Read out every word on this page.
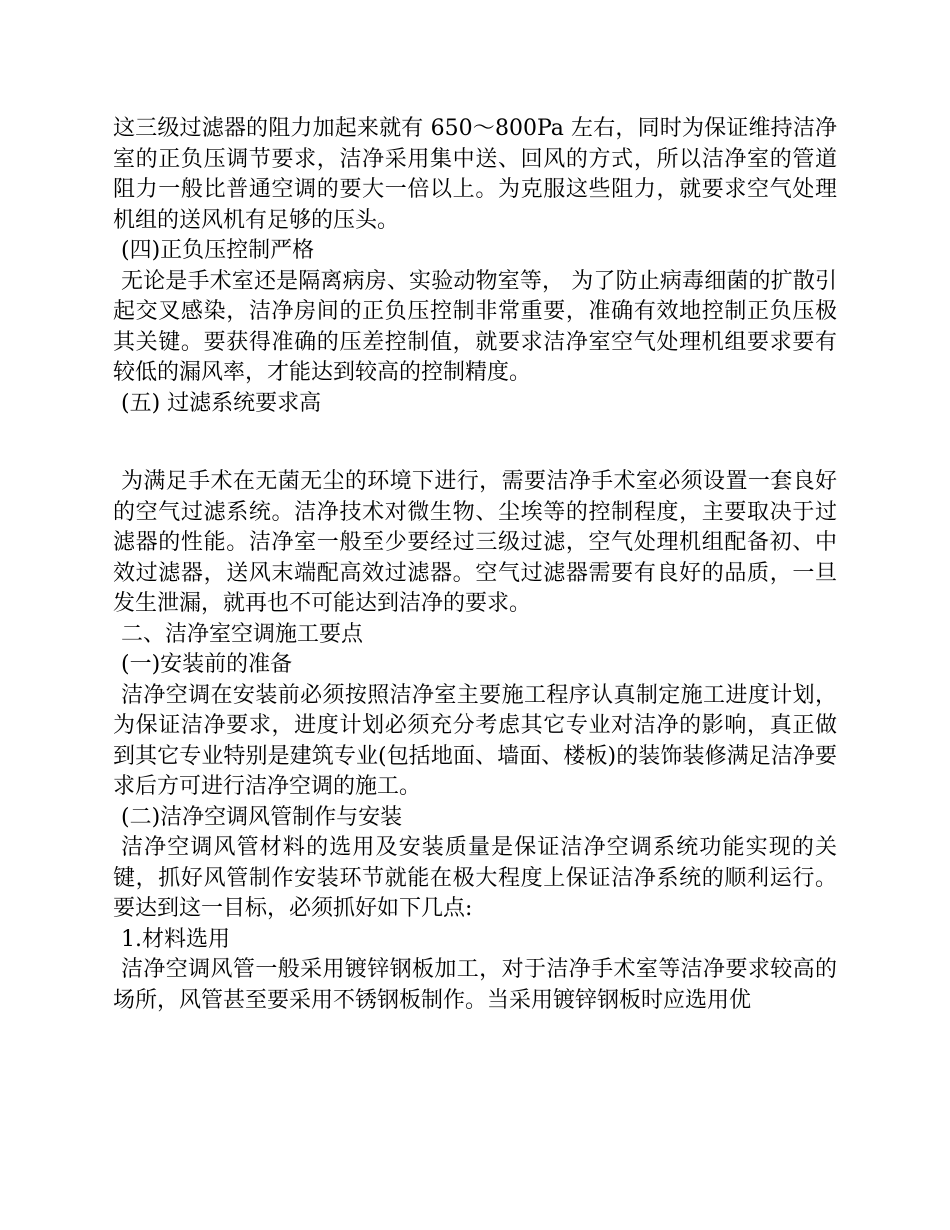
这三级过滤器的阻力加起来就有 650～800Pa 左右，同时为保证维持洁净室的正负压调节要求，洁净采用集中送、回风的方式，所以洁净室的管道阻力一般比普通空调的要大一倍以上。为克服这些阻力，就要求空气处理机组的送风机有足够的压头。

(四)正负压控制严格

无论是手术室还是隔离病房、实验动物室等， 为了防止病毒细菌的扩散引起交叉感染，洁净房间的正负压控制非常重要，准确有效地控制正负压极其关键。要获得准确的压差控制值，就要求洁净室空气处理机组要求要有较低的漏风率，才能达到较高的控制精度。

(五) 过滤系统要求高

为满足手术在无菌无尘的环境下进行，需要洁净手术室必须设置一套良好的空气过滤系统。洁净技术对微生物、尘埃等的控制程度，主要取决于过滤器的性能。洁净室一般至少要经过三级过滤，空气处理机组配备初、中效过滤器，送风末端配高效过滤器。空气过滤器需要有良好的品质，一旦发生泄漏，就再也不可能达到洁净的要求。

二、洁净室空调施工要点

(一)安装前的准备

洁净空调在安装前必须按照洁净室主要施工程序认真制定施工进度计划，为保证洁净要求，进度计划必须充分考虑其它专业对洁净的影响，真正做到其它专业特别是建筑专业(包括地面、墙面、楼板)的装饰装修满足洁净要求后方可进行洁净空调的施工。

(二)洁净空调风管制作与安装

洁净空调风管材料的选用及安装质量是保证洁净空调系统功能实现的关键，抓好风管制作安装环节就能在极大程度上保证洁净系统的顺利运行。要达到这一目标，必须抓好如下几点:

1.材料选用

洁净空调风管一般采用镀锌钢板加工，对于洁净手术室等洁净要求较高的场所，风管甚至要采用不锈钢板制作。当采用镀锌钢板时应选用优
